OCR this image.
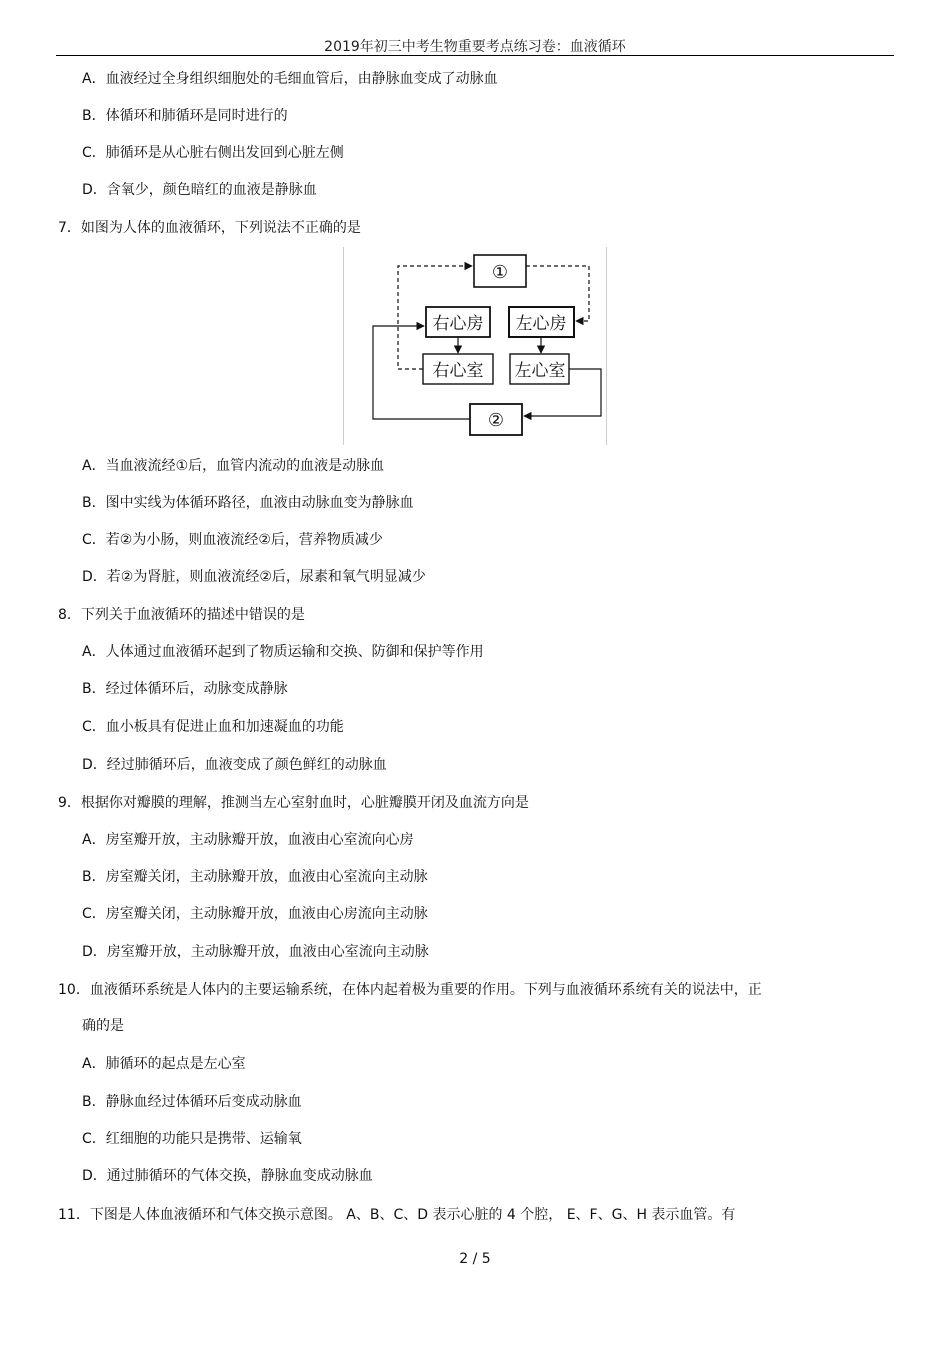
2019年初三中考生物重要考点练习卷：血液循环
A．血液经过全身组织细胞处的毛细血管后，由静脉血变成了动脉血
B．体循环和肺循环是同时进行的
C．肺循环是从心脏右侧出发回到心脏左侧
D．含氧少，颜色暗红的血液是静脉血
7．如图为人体的血液循环，下列说法不正确的是
①
右心房 左心房
右心室 左心室
②
A．当血液流经①后，血管内流动的血液是动脉血
B．图中实线为体循环路径，血液由动脉血变为静脉血
C．若②为小肠，则血液流经②后，营养物质减少
D．若②为肾脏，则血液流经②后，尿素和氧气明显减少
8．下列关于血液循环的描述中错误的是
A．人体通过血液循环起到了物质运输和交换、防御和保护等作用
B．经过体循环后，动脉变成静脉
C．血小板具有促进止血和加速凝血的功能
D．经过肺循环后，血液变成了颜色鲜红的动脉血
9．根据你对瓣膜的理解，推测当左心室射血时，心脏瓣膜开闭及血流方向是
A．房室瓣开放，主动脉瓣开放，血液由心室流向心房
B．房室瓣关闭，主动脉瓣开放，血液由心室流向主动脉
C．房室瓣关闭，主动脉瓣开放，血液由心房流向主动脉
D．房室瓣开放，主动脉瓣开放，血液由心室流向主动脉
10．血液循环系统是人体内的主要运输系统，在体内起着极为重要的作用。下列与血液循环系统有关的说法中，正
确的是
A．肺循环的起点是左心室
B．静脉血经过体循环后变成动脉血
C．红细胞的功能只是携带、运输氧
D．通过肺循环的气体交换，静脉血变成动脉血
11．下图是人体血液循环和气体交换示意图。 A、B、C、D 表示心脏的 4 个腔， E、F、G、H 表示血管。有
2 / 5
